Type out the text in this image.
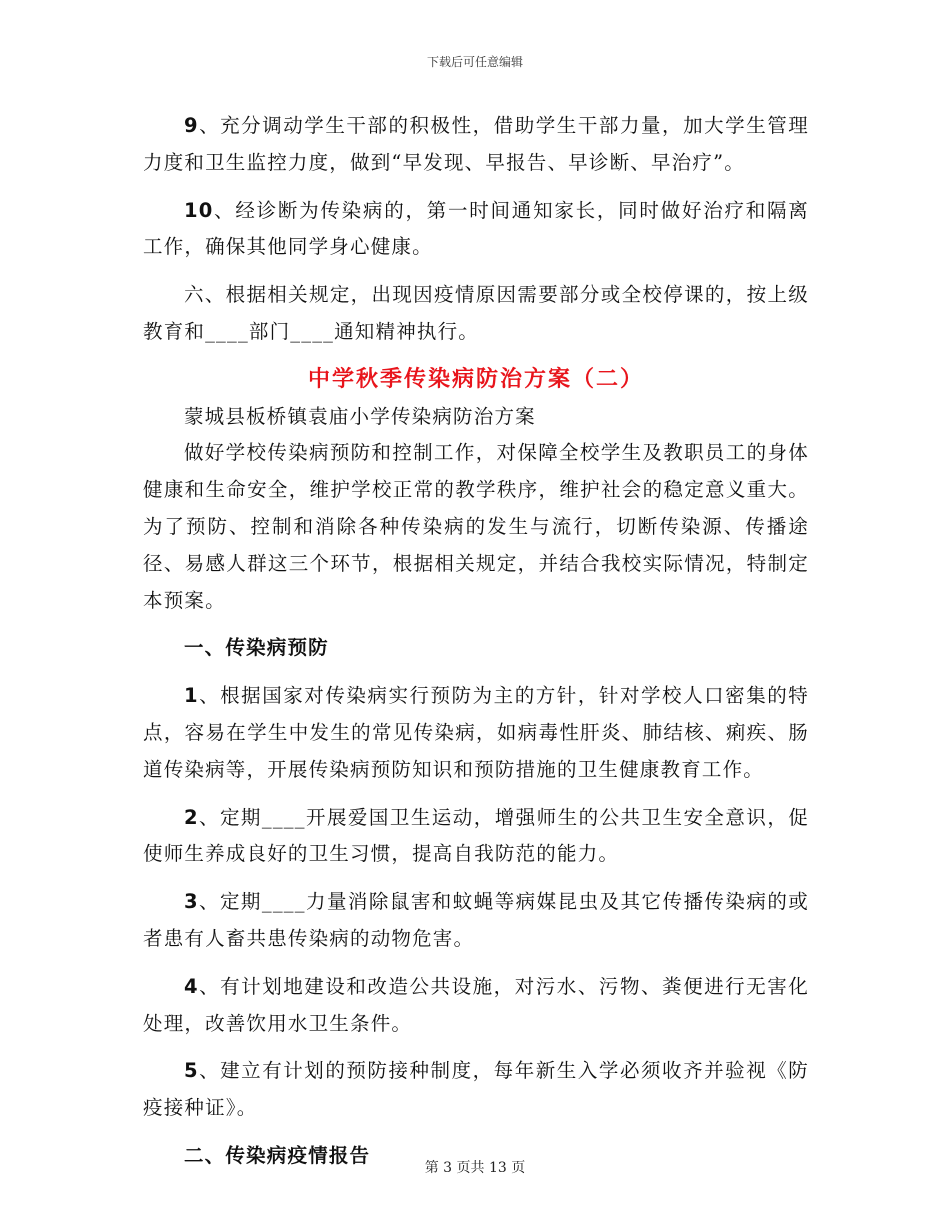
下载后可任意编辑

9、充分调动学生干部的积极性，借助学生干部力量，加大学生管理力度和卫生监控力度，做到“早发现、早报告、早诊断、早治疗”。

10、经诊断为传染病的，第一时间通知家长，同时做好治疗和隔离工作，确保其他同学身心健康。

六、根据相关规定，出现因疫情原因需要部分或全校停课的，按上级教育和____部门____通知精神执行。

中学秋季传染病防治方案（二）

蒙城县板桥镇袁庙小学传染病防治方案

做好学校传染病预防和控制工作，对保障全校学生及教职员工的身体健康和生命安全，维护学校正常的教学秩序，维护社会的稳定意义重大。为了预防、控制和消除各种传染病的发生与流行，切断传染源、传播途径、易感人群这三个环节，根据相关规定，并结合我校实际情况，特制定本预案。

一、传染病预防

1、根据国家对传染病实行预防为主的方针，针对学校人口密集的特点，容易在学生中发生的常见传染病，如病毒性肝炎、肺结核、痢疾、肠道传染病等，开展传染病预防知识和预防措施的卫生健康教育工作。

2、定期____开展爱国卫生运动，增强师生的公共卫生安全意识，促使师生养成良好的卫生习惯，提高自我防范的能力。

3、定期____力量消除鼠害和蚊蝇等病媒昆虫及其它传播传染病的或者患有人畜共患传染病的动物危害。

4、有计划地建设和改造公共设施，对污水、污物、粪便进行无害化处理，改善饮用水卫生条件。

5、建立有计划的预防接种制度，每年新生入学必须收齐并验视《防疫接种证》。

二、传染病疫情报告

第 3 页共 13 页
